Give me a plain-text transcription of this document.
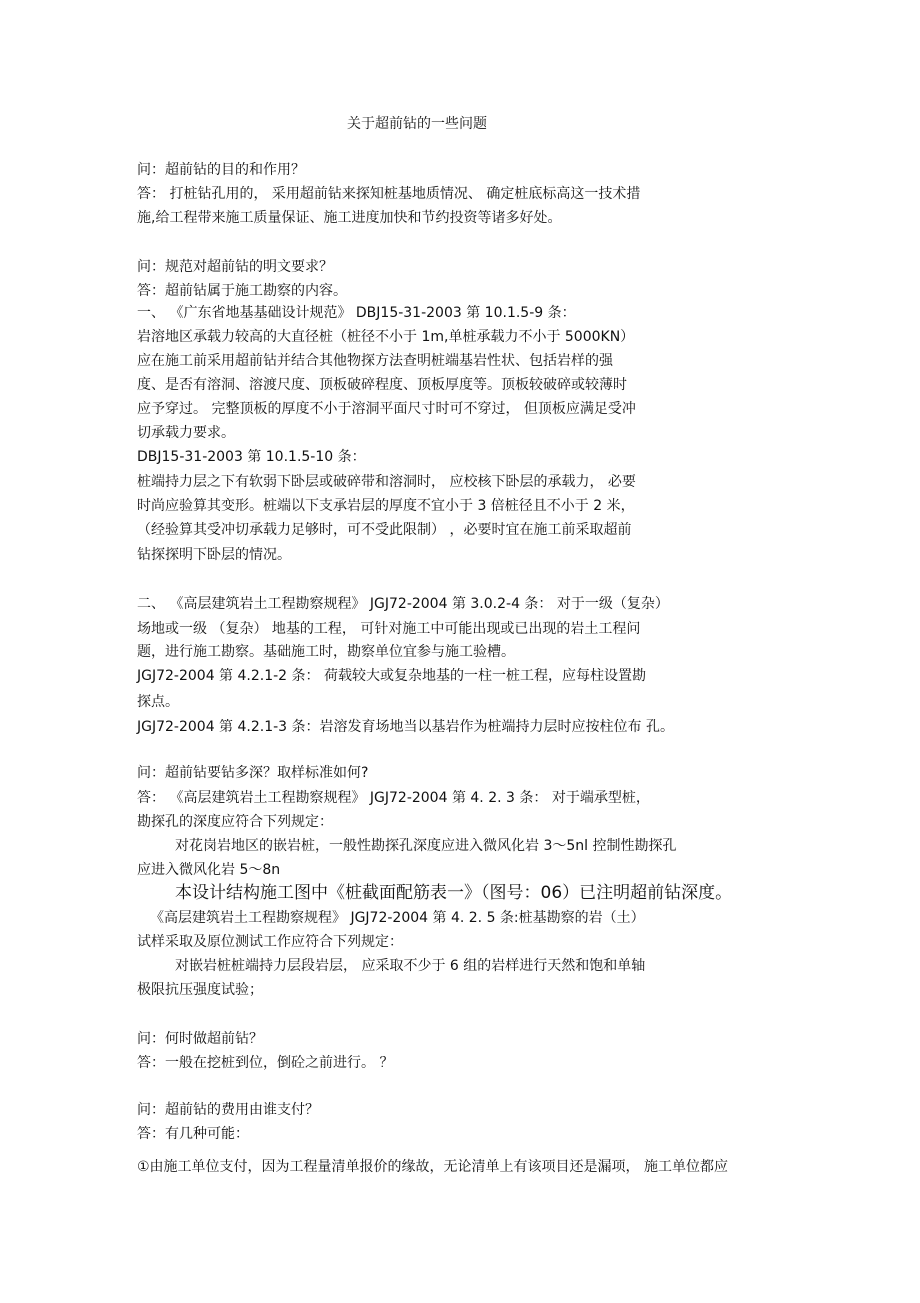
关于超前钻的一些问题
问：超前钻的目的和作用？
答： 打桩钻孔用的， 采用超前钻来探知桩基地质情况、 确定桩底标高这一技术措
施,给工程带来施工质量保证、施工进度加快和节约投资等诸多好处。
问：规范对超前钻的明文要求？
答：超前钻属于施工勘察的内容。
一、 《广东省地基基础设计规范》 DBJ15-31-2003 第 10.1.5-9 条：
岩溶地区承载力较高的大直径桩（桩径不小于 1m,单桩承载力不小于 5000KN）
应在施工前采用超前钻并结合其他物探方法查明桩端基岩性状、包括岩样的强
度、是否有溶洞、溶渡尺度、顶板破碎程度、顶板厚度等。顶板较破碎或较薄时
应予穿过。 完整顶板的厚度不小于溶洞平面尺寸时可不穿过， 但顶板应满足受冲
切承载力要求。
DBJ15-31-2003 第 10.1.5-10 条：
桩端持力层之下有软弱下卧层或破碎带和溶洞时， 应校核下卧层的承载力， 必要
时尚应验算其变形。桩端以下支承岩层的厚度不宜小于 3 倍桩径且不小于 2 米，
（经验算其受冲切承载力足够时，可不受此限制） ，必要时宜在施工前采取超前
钻探探明下卧层的情况。
二、 《高层建筑岩土工程勘察规程》 JGJ72-2004 第 3.0.2-4 条： 对于一级（复杂）
场地或一级 （复杂） 地基的工程， 可针对施工中可能出现或已出现的岩土工程问
题，进行施工勘察。基础施工时，勘察单位宜参与施工验槽。
JGJ72-2004 第 4.2.1-2 条： 荷载较大或复杂地基的一柱一桩工程，应每柱设置勘
探点。
JGJ72-2004 第 4.2.1-3 条：岩溶发育场地当以基岩作为桩端持力层时应按柱位布 孔。
问：超前钻要钻多深？取样标准如何?
答： 《高层建筑岩土工程勘察规程》 JGJ72-2004 第 4. 2. 3 条： 对于端承型桩，
勘探孔的深度应符合下列规定：
对花岗岩地区的嵌岩桩，一般性勘探孔深度应进入微风化岩 3〜5nl 控制性勘探孔
应进入微风化岩 5〜8n
本设计结构施工图中《桩截面配筋表一》（图号：06）已注明超前钻深度。
《高层建筑岩土工程勘察规程》 JGJ72-2004 第 4. 2. 5 条:桩基勘察的岩（土）
试样采取及原位测试工作应符合下列规定：
对嵌岩桩桩端持力层段岩层， 应采取不少于 6 组的岩样进行天然和饱和单轴
极限抗压强度试验；
问：何时做超前钻？
答：一般在挖桩到位，倒砼之前进行。 ？
问：超前钻的费用由谁支付？
答：有几种可能：
①由施工单位支付，因为工程量清单报价的缘故，无论清单上有该项目还是漏项， 施工单位都应
